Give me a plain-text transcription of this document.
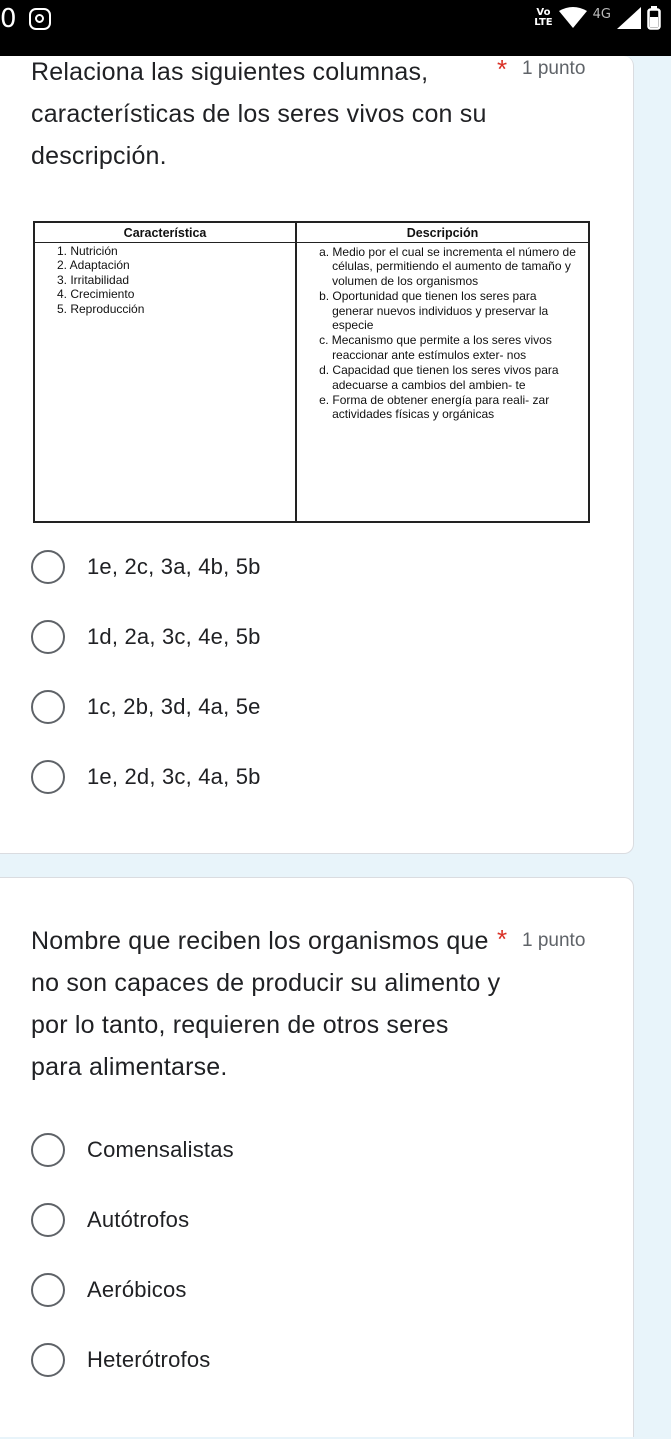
0	Vo
LTE
4G
Relaciona las siguientes columnas, características de los seres vivos con su descripción.
* 1 punto
Característica
1. Nutrición
2. Adaptación
3. Irritabilidad
4. Crecimiento
5. Reproducción
Descripción
a. Medio por el cual se incrementa el número de células, permitiendo el aumento de tamaño y volumen de los organismos
b. Oportunidad que tienen los seres para generar nuevos individuos y preservar la especie
c. Mecanismo que permite a los seres vivos reaccionar ante estímulos exter- nos
d. Capacidad que tienen los seres vivos para adecuarse a cambios del ambien- te
e. Forma de obtener energía para reali- zar actividades físicas y orgánicas
1e, 2c, 3a, 4b, 5b
1d, 2a, 3c, 4e, 5b
1c, 2b, 3d, 4a, 5e
1e, 2d, 3c, 4a, 5b
Nombre que reciben los organismos que no son capaces de producir su alimento y por lo tanto, requieren de otros seres para alimentarse.
* 1 punto
Comensalistas
Autótrofos
Aeróbicos
Heterótrofos
